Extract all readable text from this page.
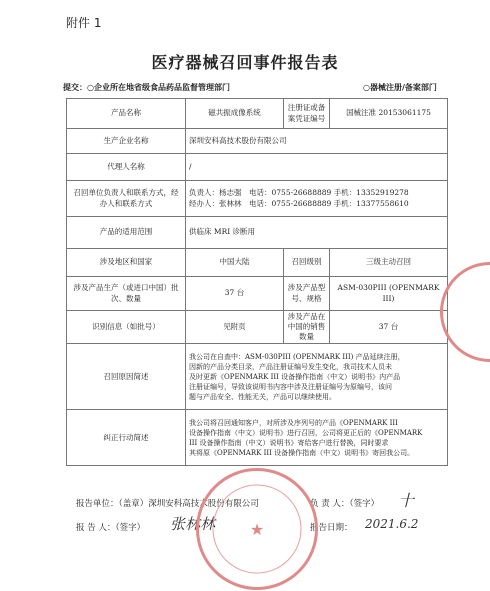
附件 1
医疗器械召回事件报告表
提交：○企业所在地省级食品药品监督管理部门	○器械注册/备案部门
产品名称	磁共振成像系统	注册证或备案凭证编号	国械注准 20153061175
生产企业名称	深圳安科高技术股份有限公司		
代理人名称	/		
召回单位负责人和联系方式，经办人和联系方式	负责人：杨志强　电话：0755-26688889 手机：13352919278
经办人：张林林　电话：0755-26688889 手机：13377558610		

产品的适用范围	供临床 MRI 诊断用		
涉及地区和国家	中国大陆	召回级别	三级主动召回
涉及产品生产（或进口中国）批次、数量	37 台	涉及产品型号、规格	ASM-030PIII (OPENMARK III)
识别信息（如批号）	见附页	涉及产品在中国的销售数量	37 台
召回原因简述	我公司在自查中：ASM-030PIII (OPENMARK III) 产品延续注册，
因新的产品分类目录，产品注册证编号发生变化，我司技术人员未
及时更新《OPENMARK III 设备操作指南（中文）说明书》内产品
注册证编号，导致该说明书内容中涉及注册证编号为原编号，该问
题与产品安全、性能无关，产品可以继续使用。		

纠正行动简述	我公司将召回通知客户，对所涉及序列号的产品《OPENMARK III
设备操作指南（中文）说明书》进行召回，公司将更正后的《OPENMARK
III 设备操作指南（中文）说明书》寄给客户进行替换，同时要求
其将原《OPENMARK III 设备操作指南（中文）说明书》寄回我公司。		
报告单位：（盖章）深圳安科高技术股份有限公司	负 责 人：（签字） ⼗
报 告 人：（签字） 张林林	报告日期： 2021.6.2
★
